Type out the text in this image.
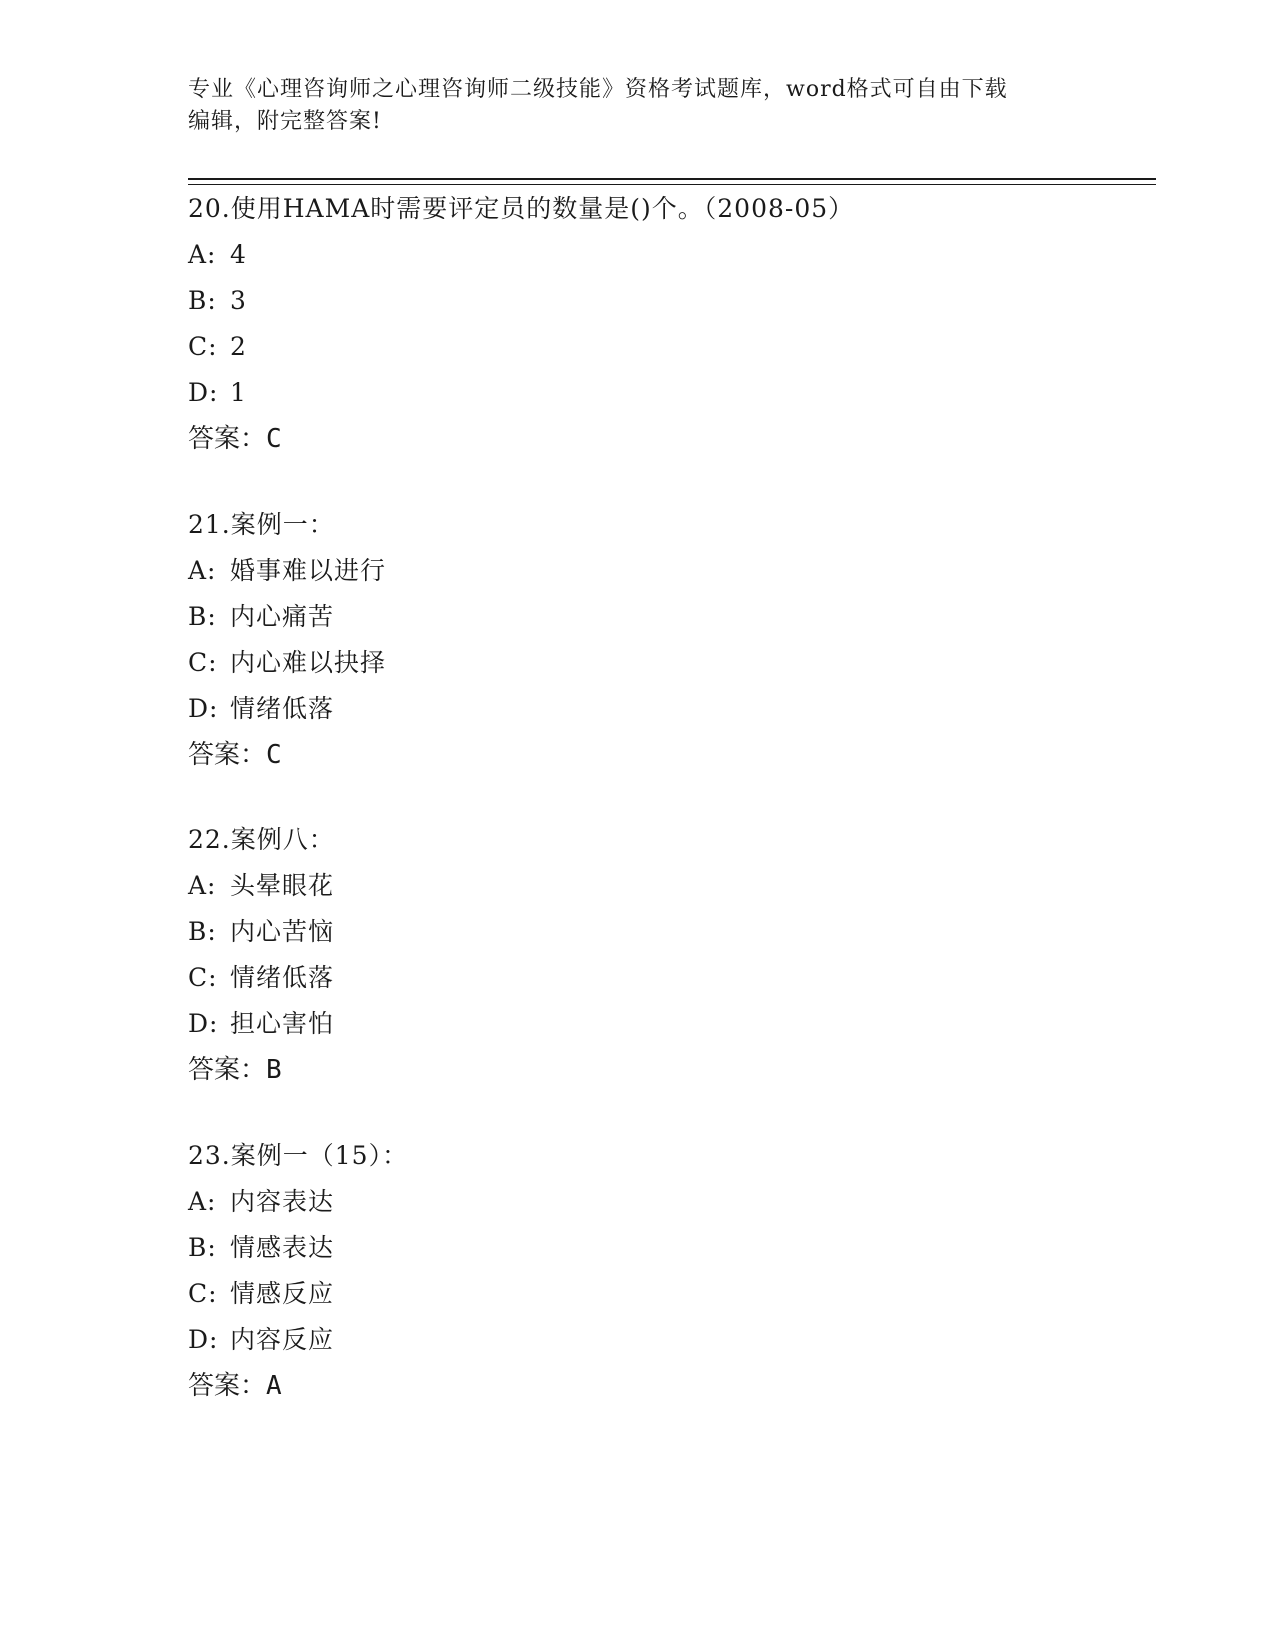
专业《心理咨询师之心理咨询师二级技能》资格考试题库，word格式可自由下载
编辑，附完整答案!
20.使用HAMA时需要评定员的数量是()个。（2008-05）
A: 4
B: 3
C: 2
D: 1
答案：C
21.案例一：
A: 婚事难以进行
B: 内心痛苦
C: 内心难以抉择
D: 情绪低落
答案：C
22.案例八：
A: 头晕眼花
B: 内心苦恼
C: 情绪低落
D: 担心害怕
答案：B
23.案例一（15）：
A: 内容表达
B: 情感表达
C: 情感反应
D: 内容反应
答案：A
